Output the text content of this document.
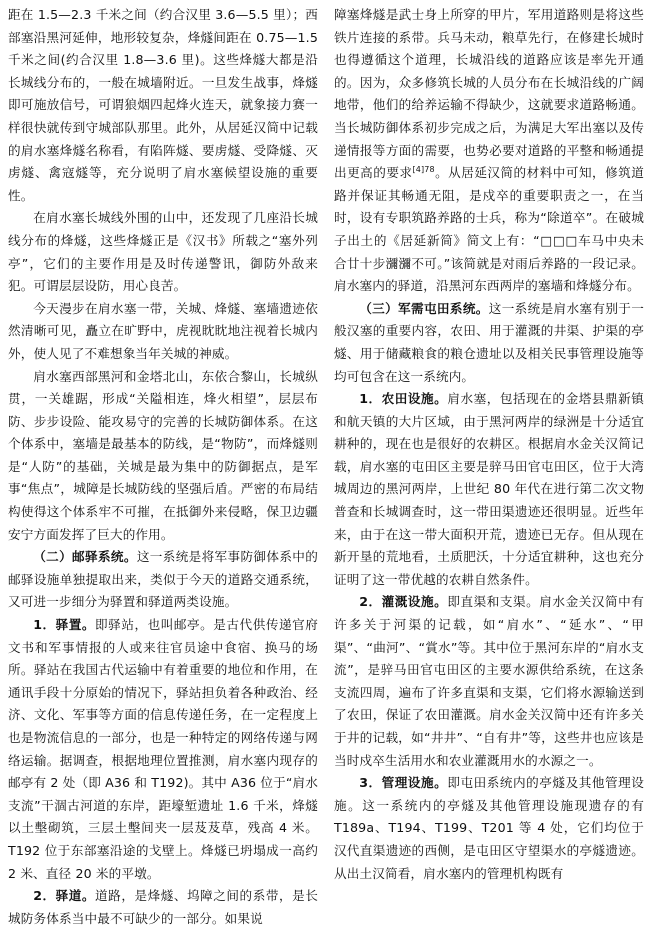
距在 1.5—2.3 千米之间（约合汉里 3.6—5.5 里）；西部塞沿黑河延伸，地形较复杂，烽燧间距在 0.75—1.5 千米之间(约合汉里 1.8—3.6 里)。这些烽燧大都是沿长城线分布的，一般在城墙附近。一旦发生战事，烽燧即可施放信号，可谓狼烟四起烽火连天，就象接力赛一样很快就传到守城部队那里。此外，从居延汉简中记载的肩水塞烽燧名称看，有陷阵燧、要虏燧、受降燧、灭虏燧、禽寇燧等，充分说明了肩水塞候望设施的重要性。

在肩水塞长城线外围的山中，还发现了几座沿长城线分布的烽燧，这些烽燧正是《汉书》所载之“塞外列亭”，它们的主要作用是及时传递警讯，御防外敌来犯。可谓层层设防，用心良苦。

今天漫步在肩水塞一带，关城、烽燧、塞墙遗迹依然清晰可见，矗立在旷野中，虎视眈眈地注视着长城内外，使人见了不难想象当年关城的神威。

肩水塞西部黑河和金塔北山，东依合黎山，长城纵贯，一关雄踞，形成“关隘相连，烽火相望”，层层布防、步步设险、能攻易守的完善的长城防御体系。在这个体系中，塞墙是最基本的防线，是“物防”，而烽燧则是“人防”的基础，关城是最为集中的防御据点，是军事“焦点”，城障是长城防线的坚强后盾。严密的布局结构使得这个体系牢不可摧，在抵御外来侵略，保卫边疆安宁方面发挥了巨大的作用。

（二）邮驿系统。这一系统是将军事防御体系中的邮驿设施单独提取出来，类似于今天的道路交通系统，又可进一步细分为驿置和驿道两类设施。

1．驿置。即驿站，也叫邮亭。是古代供传递官府文书和军事情报的人或来往官员途中食宿、换马的场所。驿站在我国古代运输中有着重要的地位和作用，在通讯手段十分原始的情况下，驿站担负着各种政治、经济、文化、军事等方面的信息传递任务，在一定程度上也是物流信息的一部分，也是一种特定的网络传递与网络运输。据调查，根据地理位置推测，肩水塞内现存的邮亭有 2 处（即 A36 和 T192)。其中 A36 位于“肩水支流”干涸古河道的东岸，距壕堑遗址 1.6 千米，烽燧以土墼砌筑，三层土墼间夹一层芨芨草，残高 4 米。T192 位于东部塞沿途的戈壁上。烽燧已坍塌成一高约 2 米、直径 20 米的平墩。

2．驿道。道路，是烽燧、坞障之间的系带，是长城防务体系当中最不可缺少的一部分。如果说

障塞烽燧是武士身上所穿的甲片，军用道路则是将这些铁片连接的系带。兵马未动，粮草先行，在修建长城时也得遵循这个道理，长城沿线的道路应该是率先开通的。因为，众多修筑长城的人员分布在长城沿线的广阔地带，他们的给养运输不得缺少，这就要求道路畅通。当长城防御体系初步完成之后，为满足大军出塞以及传递情报等方面的需要，也势必要对道路的平整和畅通提出更高的要求$^{[4]78}$。从居延汉简的材料中可知，修筑道路并保证其畅通无阻，是戍卒的重要职责之一，在当时，设有专职筑路养路的士兵，称为“除道卒”。在破城子出土的《居延新简》简文上有：“□□□车马中央未合廿十步瀰瀰不可。”该简就是对雨后养路的一段记录。肩水塞内的驿道，沿黑河东西两岸的塞墙和烽燧分布。

（三）军需屯田系统。这一系统是肩水塞有别于一般汉塞的重要内容，农田、用于灌溉的井渠、护渠的亭燧、用于储藏粮食的粮仓遗址以及相关民事管理设施等均可包含在这一系统内。

1．农田设施。肩水塞，包括现在的金塔县鼎新镇和航天镇的大片区域，由于黑河两岸的绿洲是十分适宜耕种的，现在也是很好的农耕区。根据肩水金关汉简记载，肩水塞的屯田区主要是骍马田官屯田区，位于大湾城周边的黑河两岸，上世纪 80 年代在进行第二次文物普查和长城调查时，这一带田渠遗迹还很明显。近些年来，由于在这一带大面积开荒，遗迹已无存。但从现在新开垦的荒地看，土质肥沃，十分适宜耕种，这也充分证明了这一带优越的农耕自然条件。

2．灌溉设施。即直渠和支渠。肩水金关汉简中有许多关于河渠的记载，如“肩水”、“延水”、“甲渠”、“曲河”、“賞水”等。其中位于黑河东岸的“肩水支流”，是骍马田官屯田区的主要水源供给系统，在这条支流四周，遍布了许多直渠和支渠，它们将水源输送到了农田，保证了农田灌溉。肩水金关汉简中还有许多关于井的记载，如“井井”、“自有井”等，这些井也应该是当时戍卒生活用水和农业灌溉用水的水源之一。

3．管理设施。即屯田系统内的亭燧及其他管理设施。这一系统内的亭燧及其他管理设施现遗存的有 T189a、T194、T199、T201 等 4 处，它们均位于汉代直渠遗迹的西侧，是屯田区守望渠水的亭燧遗迹。从出土汉简看，肩水塞内的管理机构既有
